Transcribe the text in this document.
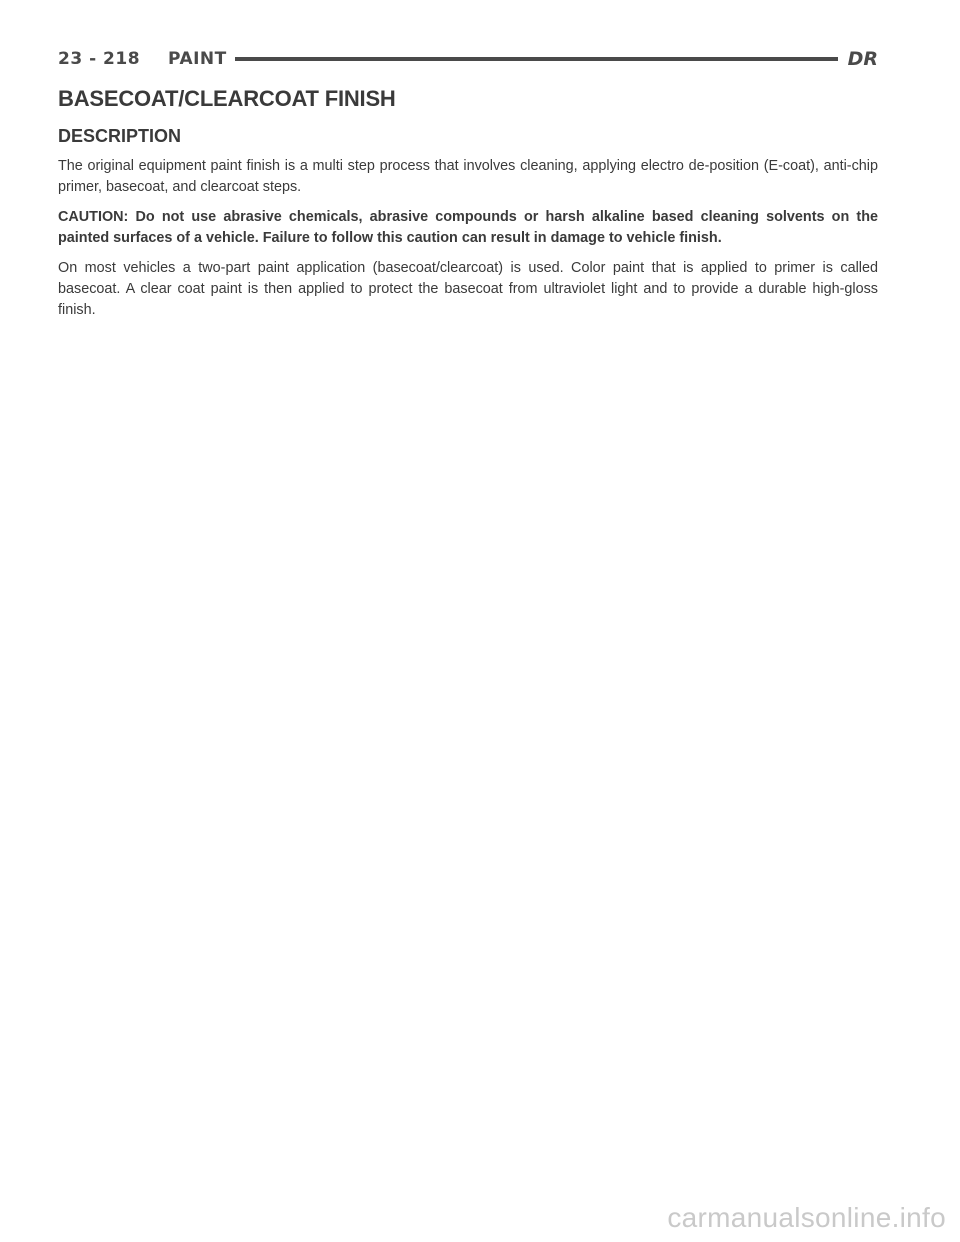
23 - 218 PAINT	DR
BASECOAT/CLEARCOAT FINISH
DESCRIPTION

The original equipment paint finish is a multi step process that involves cleaning, applying electro de-position (E-coat), anti-chip primer, basecoat, and clearcoat steps.

CAUTION: Do not use abrasive chemicals, abrasive compounds or harsh alkaline based cleaning solvents on the painted surfaces of a vehicle. Failure to follow this caution can result in damage to vehicle finish.

On most vehicles a two-part paint application (basecoat/clearcoat) is used. Color paint that is applied to primer is called basecoat. A clear coat paint is then applied to protect the basecoat from ultraviolet light and to provide a durable high-gloss finish.

carmanualsonline.info
